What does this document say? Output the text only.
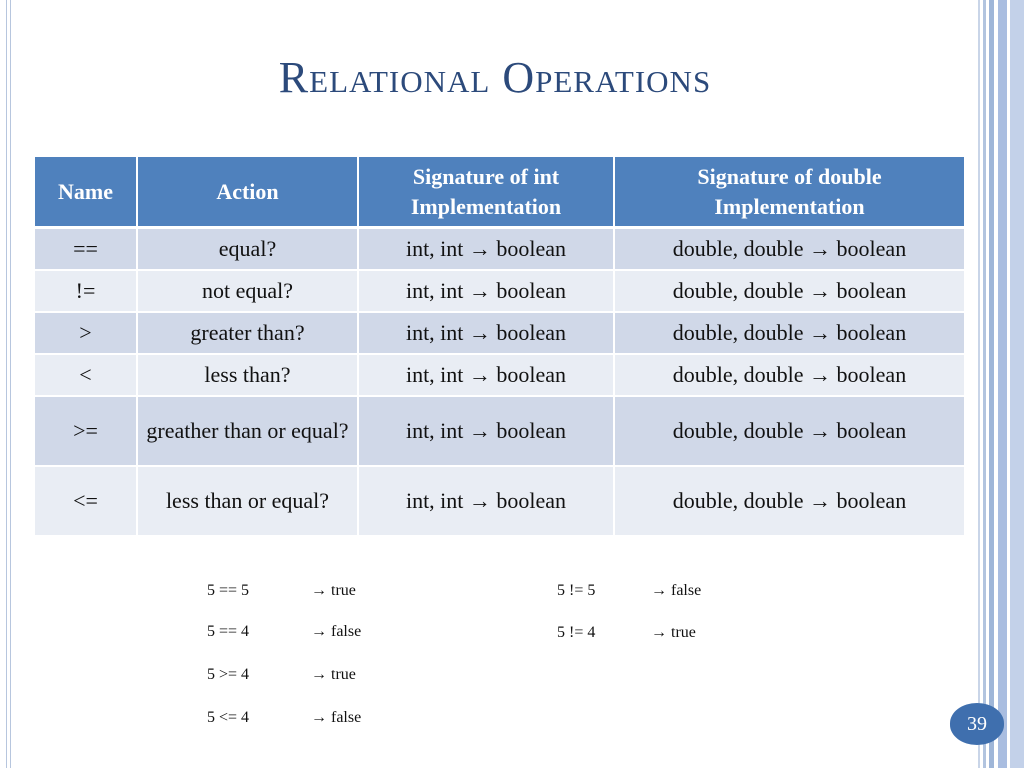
Relational Operations
Name	Action	Signature of int Implementation	Signature of double Implementation
==	equal?	int, int → boolean	double, double → boolean
!=	not equal?	int, int → boolean	double, double → boolean
>	greater than?	int, int → boolean	double, double → boolean
<	less than?	int, int → boolean	double, double → boolean
>=	greather than or equal?	int, int → boolean	double, double → boolean
<=	less than or equal?	int, int → boolean	double, double → boolean
5 == 5	→ true
5 == 4	→ false
5 >= 4	→ true
5 <= 4	→ false
5 != 5	→ false
5 != 4	→ true
39
